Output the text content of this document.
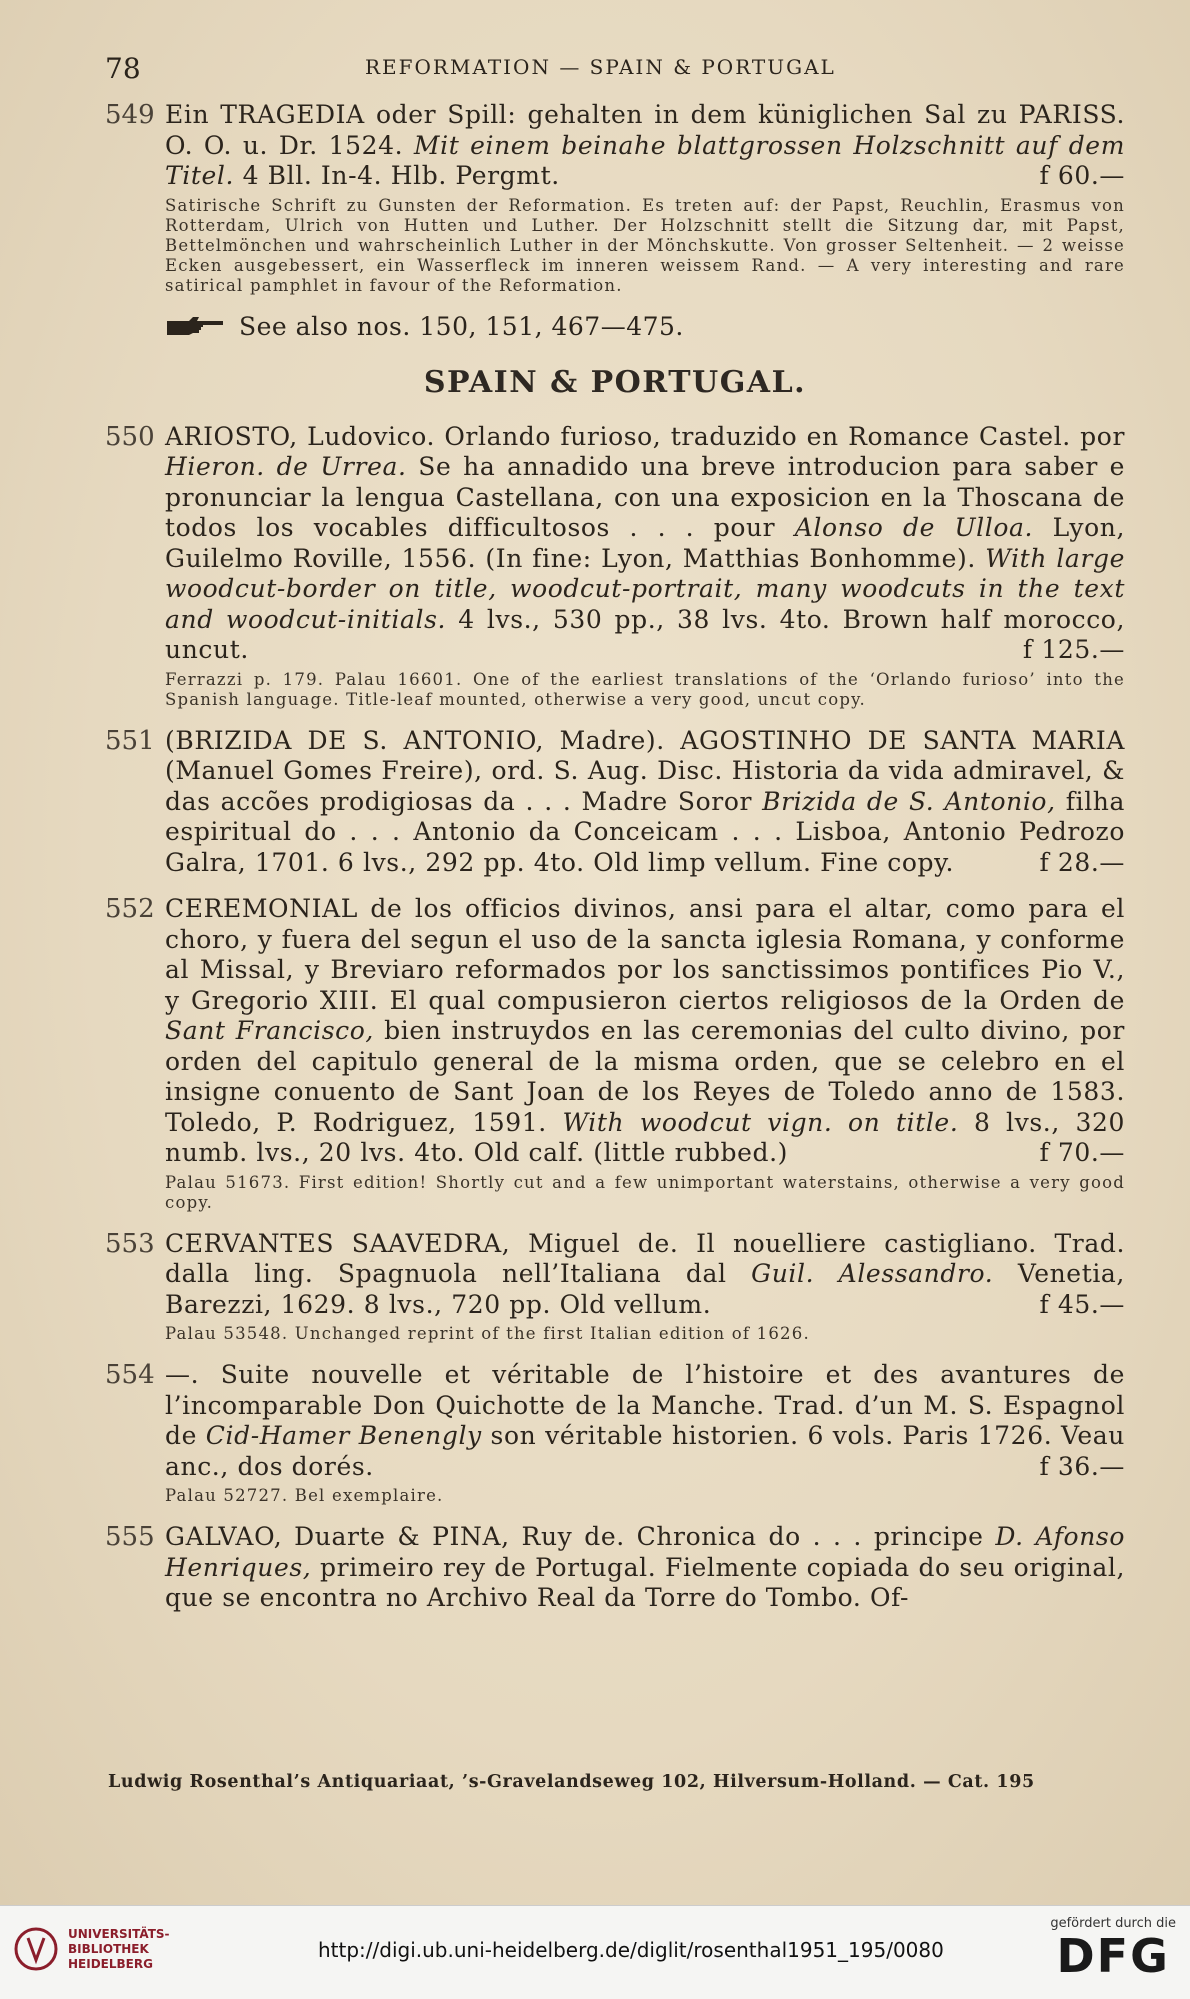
78	REFORMATION — SPAIN & PORTUGAL
549 Ein TRAGEDIA oder Spill: gehalten in dem küniglichen Sal zu PARISS. O. O. u. Dr. 1524. Mit einem beinahe blattgrossen Holzschnitt auf dem Titel. 4 Bll. In-4. Hlb. Pergmt.	f 60.—
Satirische Schrift zu Gunsten der Reformation. Es treten auf: der Papst, Reuchlin, Erasmus von Rotterdam, Ulrich von Hutten und Luther. Der Holzschnitt stellt die Sitzung dar, mit Papst, Bettelmönchen und wahrscheinlich Luther in der Mönchskutte. Von grosser Seltenheit. — 2 weisse Ecken ausgebessert, ein Wasserfleck im inneren weissem Rand. — A very interesting and rare satirical pamphlet in favour of the Reformation.
See also nos. 150, 151, 467—475.
SPAIN & PORTUGAL.
550 ARIOSTO, Ludovico. Orlando furioso, traduzido en Romance Castel. por Hieron. de Urrea. Se ha annadido una breve introducion para saber e pronunciar la lengua Castellana, con una exposicion en la Thoscana de todos los vocables difficultosos . . . pour Alonso de Ulloa. Lyon, Guilelmo Roville, 1556. (In fine: Lyon, Matthias Bonhomme). With large woodcut-border on title, woodcut-portrait, many woodcuts in the text and woodcut-initials. 4 lvs., 530 pp., 38 lvs. 4to. Brown half morocco, uncut.	f 125.—
Ferrazzi p. 179. Palau 16601. One of the earliest translations of the ‘Orlando furioso’ into the Spanish language. Title-leaf mounted, otherwise a very good, uncut copy.
551 (BRIZIDA DE S. ANTONIO, Madre). AGOSTINHO DE SANTA MARIA (Manuel Gomes Freire), ord. S. Aug. Disc. Historia da vida admiravel, & das accões prodigiosas da . . . Madre Soror Brizida de S. Antonio, filha espiritual do . . . Antonio da Conceicam . . . Lisboa, Antonio Pedrozo Galra, 1701. 6 lvs., 292 pp. 4to. Old limp vellum. Fine copy.	f 28.—
552 CEREMONIAL de los officios divinos, ansi para el altar, como para el choro, y fuera del segun el uso de la sancta iglesia Romana, y conforme al Missal, y Breviaro reformados por los sanctissimos pontifices Pio V., y Gregorio XIII. El qual compusieron ciertos religiosos de la Orden de Sant Francisco, bien instruydos en las ceremonias del culto divino, por orden del capitulo general de la misma orden, que se celebro en el insigne conuento de Sant Joan de los Reyes de Toledo anno de 1583. Toledo, P. Rodriguez, 1591. With woodcut vign. on title. 8 lvs., 320 numb. lvs., 20 lvs. 4to. Old calf. (little rubbed.)	f 70.—
Palau 51673. First edition! Shortly cut and a few unimportant waterstains, otherwise a very good copy.
553 CERVANTES SAAVEDRA, Miguel de. Il nouelliere castigliano. Trad. dalla ling. Spagnuola nell’Italiana dal Guil. Alessandro. Venetia, Barezzi, 1629. 8 lvs., 720 pp. Old vellum.	f 45.—
Palau 53548. Unchanged reprint of the first Italian edition of 1626.
554 —. Suite nouvelle et véritable de l’histoire et des avantures de l’incomparable Don Quichotte de la Manche. Trad. d’un M. S. Espagnol de Cid-Hamer Benengly son véritable historien. 6 vols. Paris 1726. Veau anc., dos dorés.	f 36.—
Palau 52727. Bel exemplaire.
555 GALVAO, Duarte & PINA, Ruy de. Chronica do . . . principe D. Afonso Henriques, primeiro rey de Portugal. Fielmente copiada do seu original, que se encontra no Archivo Real da Torre do Tombo. Of-
Ludwig Rosenthal’s Antiquariaat, ’s-Gravelandseweg 102, Hilversum-Holland. — Cat. 195
UNIVERSITÄTS- BIBLIOTHEK HEIDELBERG
http://digi.ub.uni-heidelberg.de/diglit/rosenthal1951_195/0080
gefördert durch die
DFG
